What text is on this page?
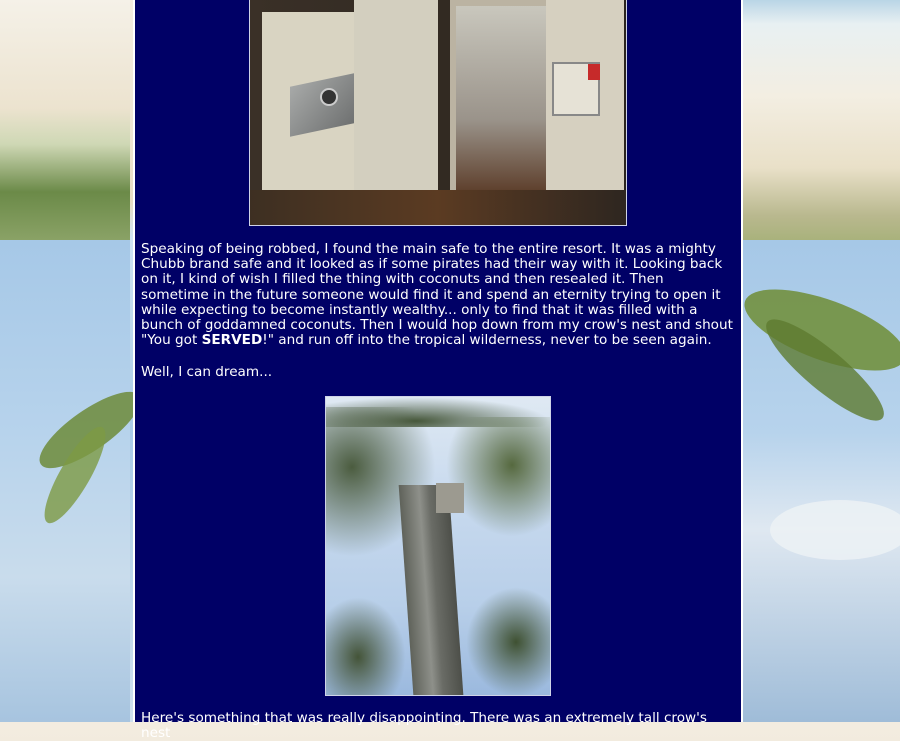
Speaking of being robbed, I found the main safe to the entire resort. It was a mighty Chubb brand safe and it looked as if some pirates had their way with it. Looking back on it, I kind of wish I filled the thing with coconuts and then resealed it. Then sometime in the future someone would find it and spend an eternity trying to open it while expecting to become instantly wealthy... only to find that it was filled with a bunch of goddamned coconuts. Then I would hop down from my crow's nest and shout "You got SERVED!" and run off into the tropical wilderness, never to be seen again.
Well, I can dream...
Here's something that was really disappointing. There was an extremely tall crow's nest
